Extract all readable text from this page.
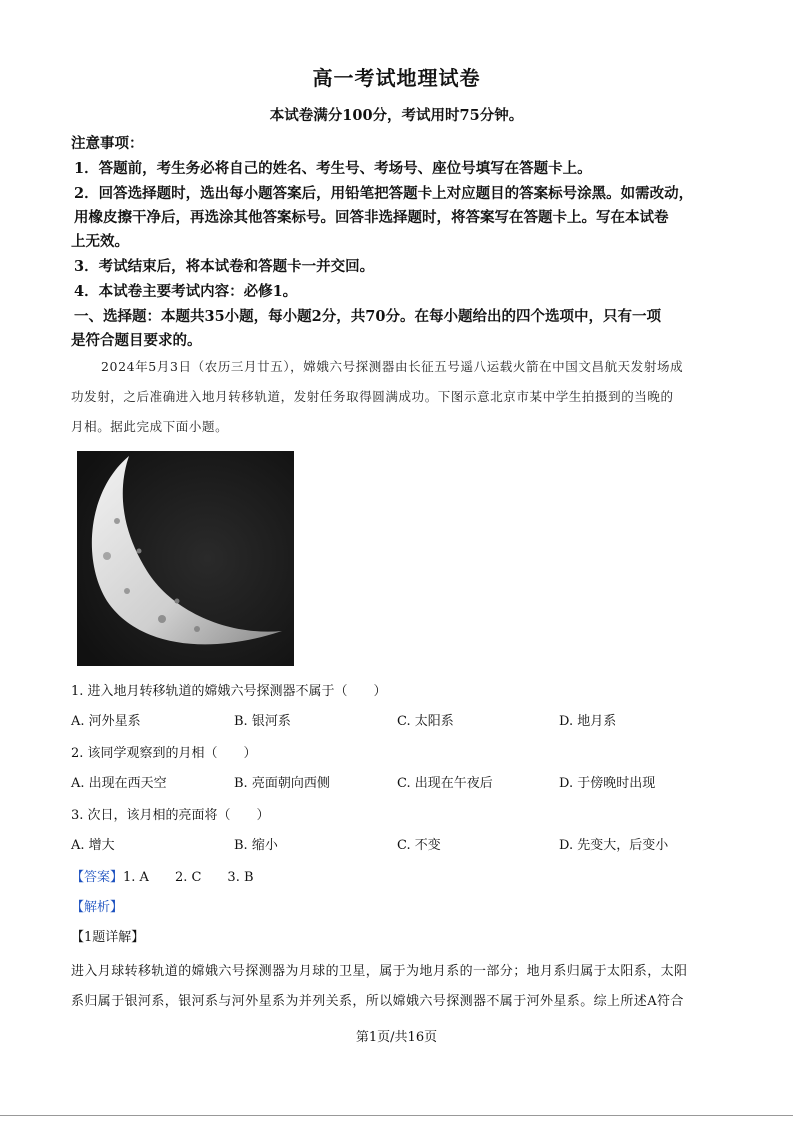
高一考试地理试卷
本试卷满分100分，考试用时75分钟。
注意事项：
1．答题前，考生务必将自己的姓名、考生号、考场号、座位号填写在答题卡上。
2．回答选择题时，选出每小题答案后，用铅笔把答题卡上对应题目的答案标号涂黑。如需改动，
用橡皮擦干净后，再选涂其他答案标号。回答非选择题时，将答案写在答题卡上。写在本试卷
上无效。
3．考试结束后，将本试卷和答题卡一并交回。
4．本试卷主要考试内容：必修1。
一、选择题：本题共35小题，每小题2分，共70分。在每小题给出的四个选项中，只有一项
是符合题目要求的。
2024年5月3日（农历三月廿五），嫦娥六号探测器由长征五号遥八运载火箭在中国文昌航天发射场成
功发射，之后准确进入地月转移轨道，发射任务取得圆满成功。下图示意北京市某中学生拍摄到的当晚的
月相。据此完成下面小题。
1. 进入地月转移轨道的嫦娥六号探测器不属于（　　）
A. 河外星系	B. 银河系	C. 太阳系	D. 地月系
2. 该同学观察到的月相（　　）
A. 出现在西天空	B. 亮面朝向西侧	C. 出现在午夜后	D. 于傍晚时出现
3. 次日，该月相的亮面将（　　）
A. 增大	B. 缩小	C. 不变	D. 先变大，后变小
【答案】1. A　　2. C　　3. B
【解析】
【1题详解】
进入月球转移轨道的嫦娥六号探测器为月球的卫星，属于为地月系的一部分；地月系归属于太阳系，太阳
系归属于银河系，银河系与河外星系为并列关系，所以嫦娥六号探测器不属于河外星系。综上所述A符合
第1页/共16页
